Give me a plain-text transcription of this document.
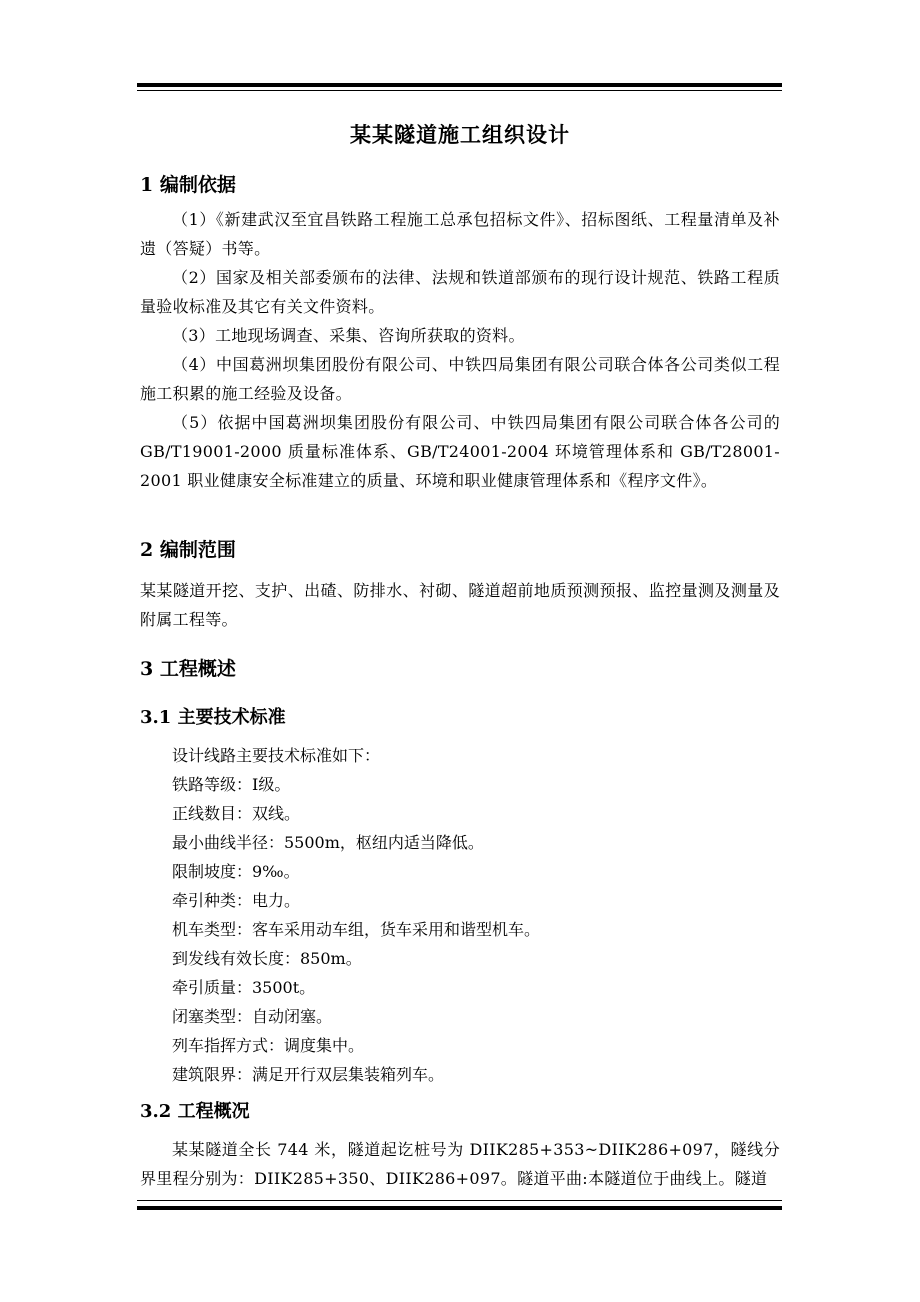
某某隧道施工组织设计
1 编制依据
（1）《新建武汉至宜昌铁路工程施工总承包招标文件》、招标图纸、工程量清单及补遗（答疑）书等。
（2）国家及相关部委颁布的法律、法规和铁道部颁布的现行设计规范、铁路工程质量验收标准及其它有关文件资料。
（3）工地现场调查、采集、咨询所获取的资料。
（4）中国葛洲坝集团股份有限公司、中铁四局集团有限公司联合体各公司类似工程施工积累的施工经验及设备。
（5）依据中国葛洲坝集团股份有限公司、中铁四局集团有限公司联合体各公司的 GB/T19001-2000 质量标准体系、GB/T24001-2004 环境管理体系和 GB/T28001-2001 职业健康安全标准建立的质量、环境和职业健康管理体系和《程序文件》。
2 编制范围
某某隧道开挖、支护、出碴、防排水、衬砌、隧道超前地质预测预报、监控量测及测量及附属工程等。
3 工程概述
3.1 主要技术标准
设计线路主要技术标准如下：
铁路等级：I级。
正线数目：双线。
最小曲线半径：5500m，枢纽内适当降低。
限制坡度：9‰。
牵引种类：电力。
机车类型：客车采用动车组，货车采用和谐型机车。
到发线有效长度：850m。
牵引质量：3500t。
闭塞类型：自动闭塞。
列车指挥方式：调度集中。
建筑限界：满足开行双层集装箱列车。
3.2 工程概况
某某隧道全长 744 米，隧道起讫桩号为 DIIK285+353~DIIK286+097，隧线分界里程分别为：DIIK285+350、DIIK286+097。隧道平曲:本隧道位于曲线上。隧道
